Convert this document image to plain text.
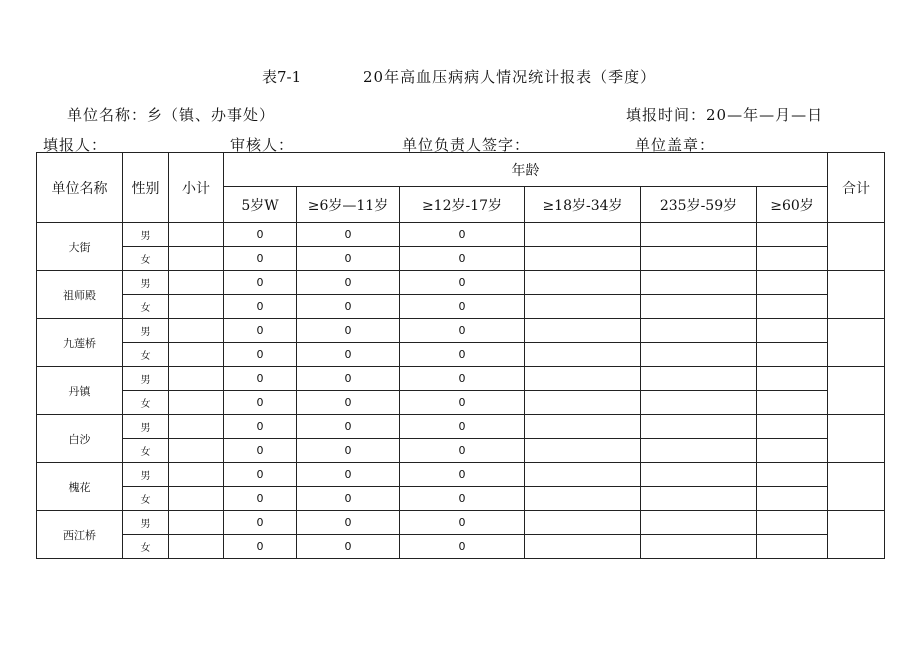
表7-1	20年高血压病病人情况统计报表（季度）
单位名称：乡（镇、办事处）	填报时间：20—年—月—日
填报人：	审核人：	单位负责人签字：	单位盖章：
单位名称	性别	小计	年龄						合计
			5岁W	≥6岁—11岁	≥12岁-17岁	≥18岁-34岁	235岁-59岁	≥60岁	
大街	男		0	0	0				
	女		0	0	0				
祖师殿	男		0	0	0				
	女		0	0	0				
九莲桥	男		0	0	0				
	女		0	0	0				
丹镇	男		0	0	0				
	女		0	0	0				
白沙	男		0	0	0				
	女		0	0	0				
槐花	男		0	0	0				
	女		0	0	0				
西江桥	男		0	0	0				
	女		0	0	0				
